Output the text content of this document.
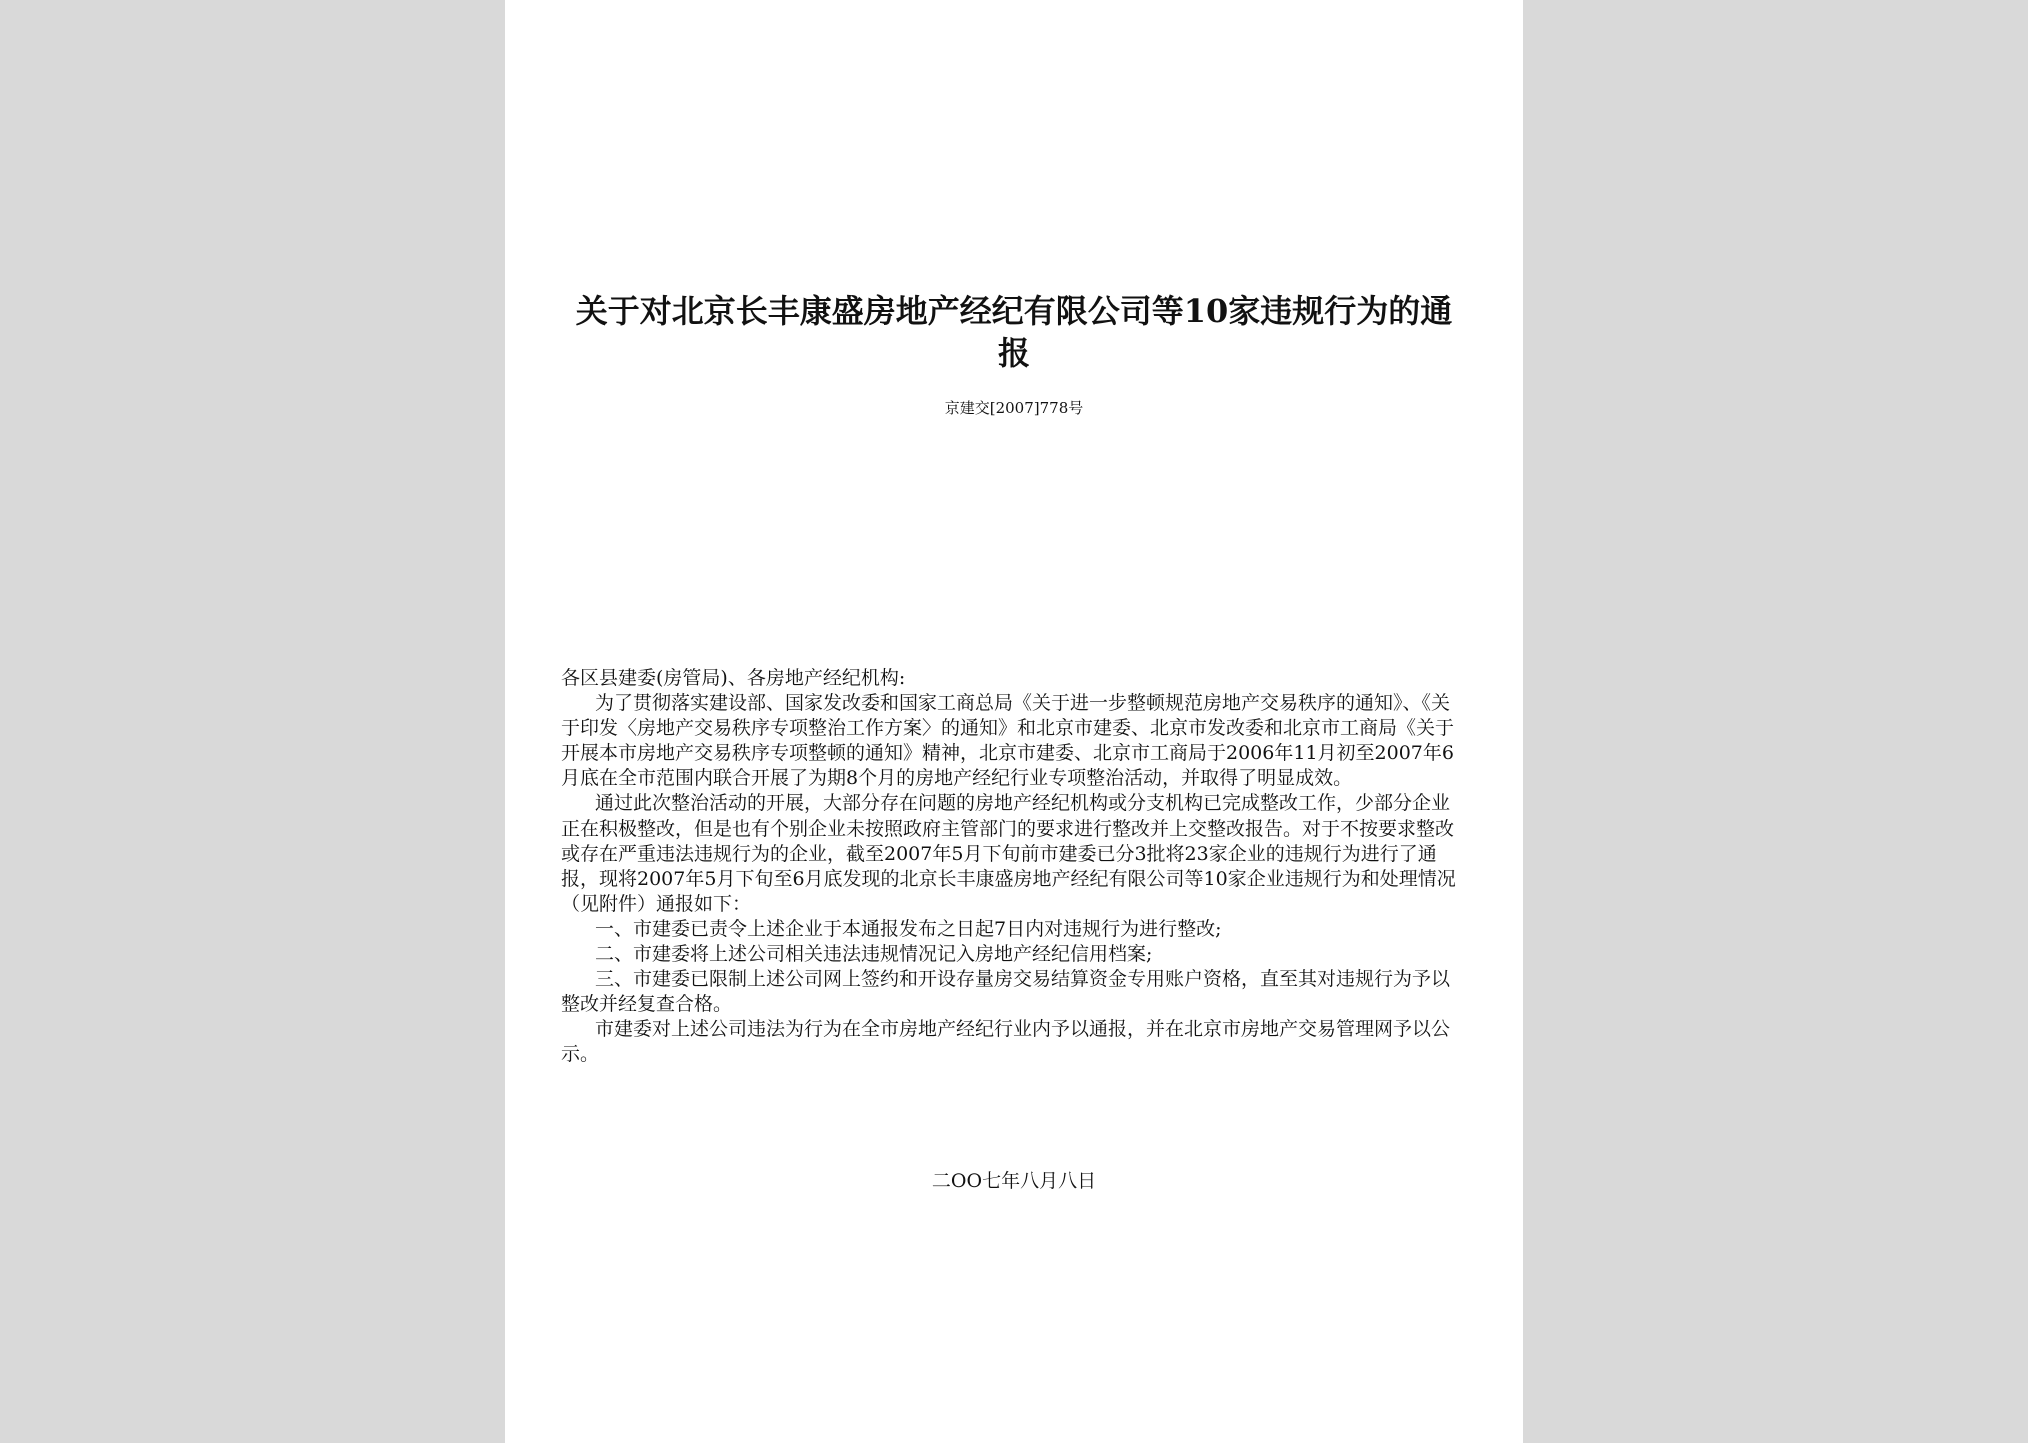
关于对北京长丰康盛房地产经纪有限公司等10家违规行为的通报
京建交[2007]778号

各区县建委(房管局)、各房地产经纪机构:

为了贯彻落实建设部、国家发改委和国家工商总局《关于进一步整顿规范房地产交易秩序的通知》、《关于印发〈房地产交易秩序专项整治工作方案〉的通知》和北京市建委、北京市发改委和北京市工商局《关于开展本市房地产交易秩序专项整顿的通知》精神，北京市建委、北京市工商局于2006年11月初至2007年6月底在全市范围内联合开展了为期8个月的房地产经纪行业专项整治活动，并取得了明显成效。

通过此次整治活动的开展，大部分存在问题的房地产经纪机构或分支机构已完成整改工作，少部分企业正在积极整改，但是也有个别企业未按照政府主管部门的要求进行整改并上交整改报告。对于不按要求整改或存在严重违法违规行为的企业，截至2007年5月下旬前市建委已分3批将23家企业的违规行为进行了通报，现将2007年5月下旬至6月底发现的北京长丰康盛房地产经纪有限公司等10家企业违规行为和处理情况（见附件）通报如下：

一、市建委已责令上述企业于本通报发布之日起7日内对违规行为进行整改;

二、市建委将上述公司相关违法违规情况记入房地产经纪信用档案;

三、市建委已限制上述公司网上签约和开设存量房交易结算资金专用账户资格，直至其对违规行为予以整改并经复查合格。

市建委对上述公司违法为行为在全市房地产经纪行业内予以通报，并在北京市房地产交易管理网予以公示。

二OO七年八月八日
